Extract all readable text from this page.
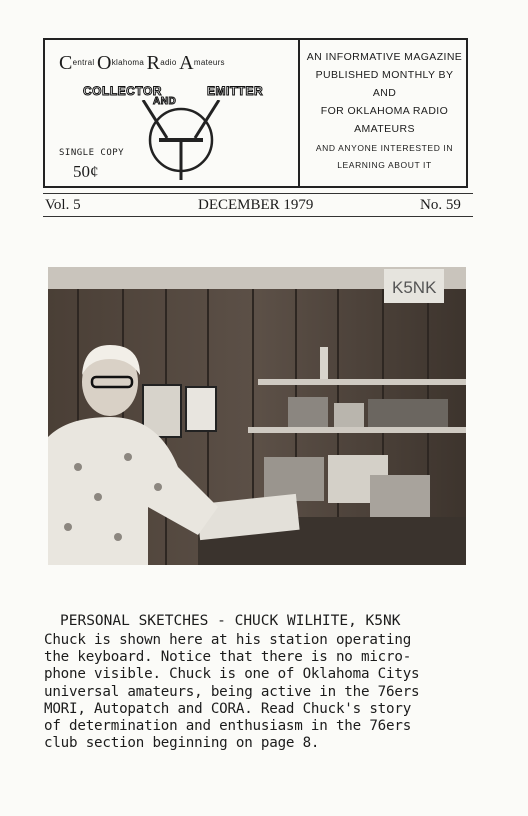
Central Oklahoma Radio Amateurs
COLLECTOR	EMITTER
AND
SINGLE COPY
50¢
AN INFORMATIVE MAGAZINE
PUBLISHED MONTHLY BY AND
FOR OKLAHOMA RADIO
AMATEURS
AND ANYONE INTERESTED IN
LEARNING ABOUT IT
Vol. 5	DECEMBER 1979	No. 59
K5NK
PERSONAL SKETCHES - CHUCK WILHITE, K5NK
Chuck is shown here at his station operating
the keyboard. Notice that there is no micro-
phone visible. Chuck is one of Oklahoma Citys
universal amateurs, being active in the 76ers
MORI, Autopatch and CORA. Read Chuck's story
of determination and enthusiasm in the 76ers
club section beginning on page 8.
